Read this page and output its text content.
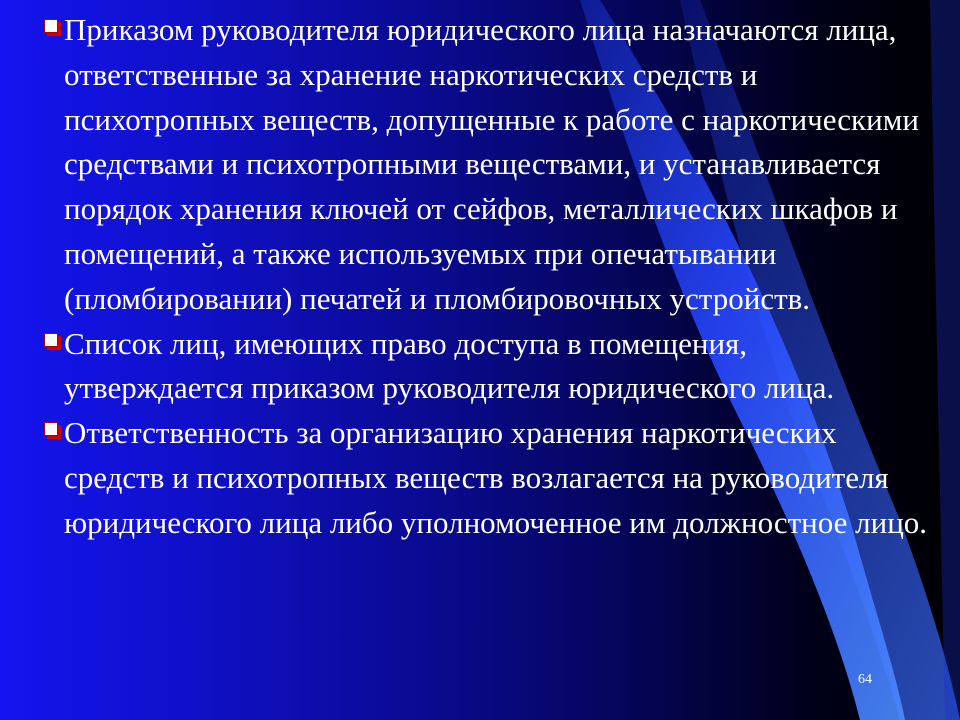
Приказом руководителя юридического лица назначаются лица, ответственные за хранение наркотических средств и психотропных веществ, допущенные к работе с наркотическими средствами и психотропными веществами, и устанавливается порядок хранения ключей от сейфов, металлических шкафов и помещений, а также используемых при опечатывании (пломбировании) печатей и пломбировочных устройств.

Список лиц, имеющих право доступа в помещения, утверждается приказом руководителя юридического лица.

Ответственность за организацию хранения наркотических средств и психотропных веществ возлагается на руководителя юридического лица либо уполномоченное им должностное лицо.

64
